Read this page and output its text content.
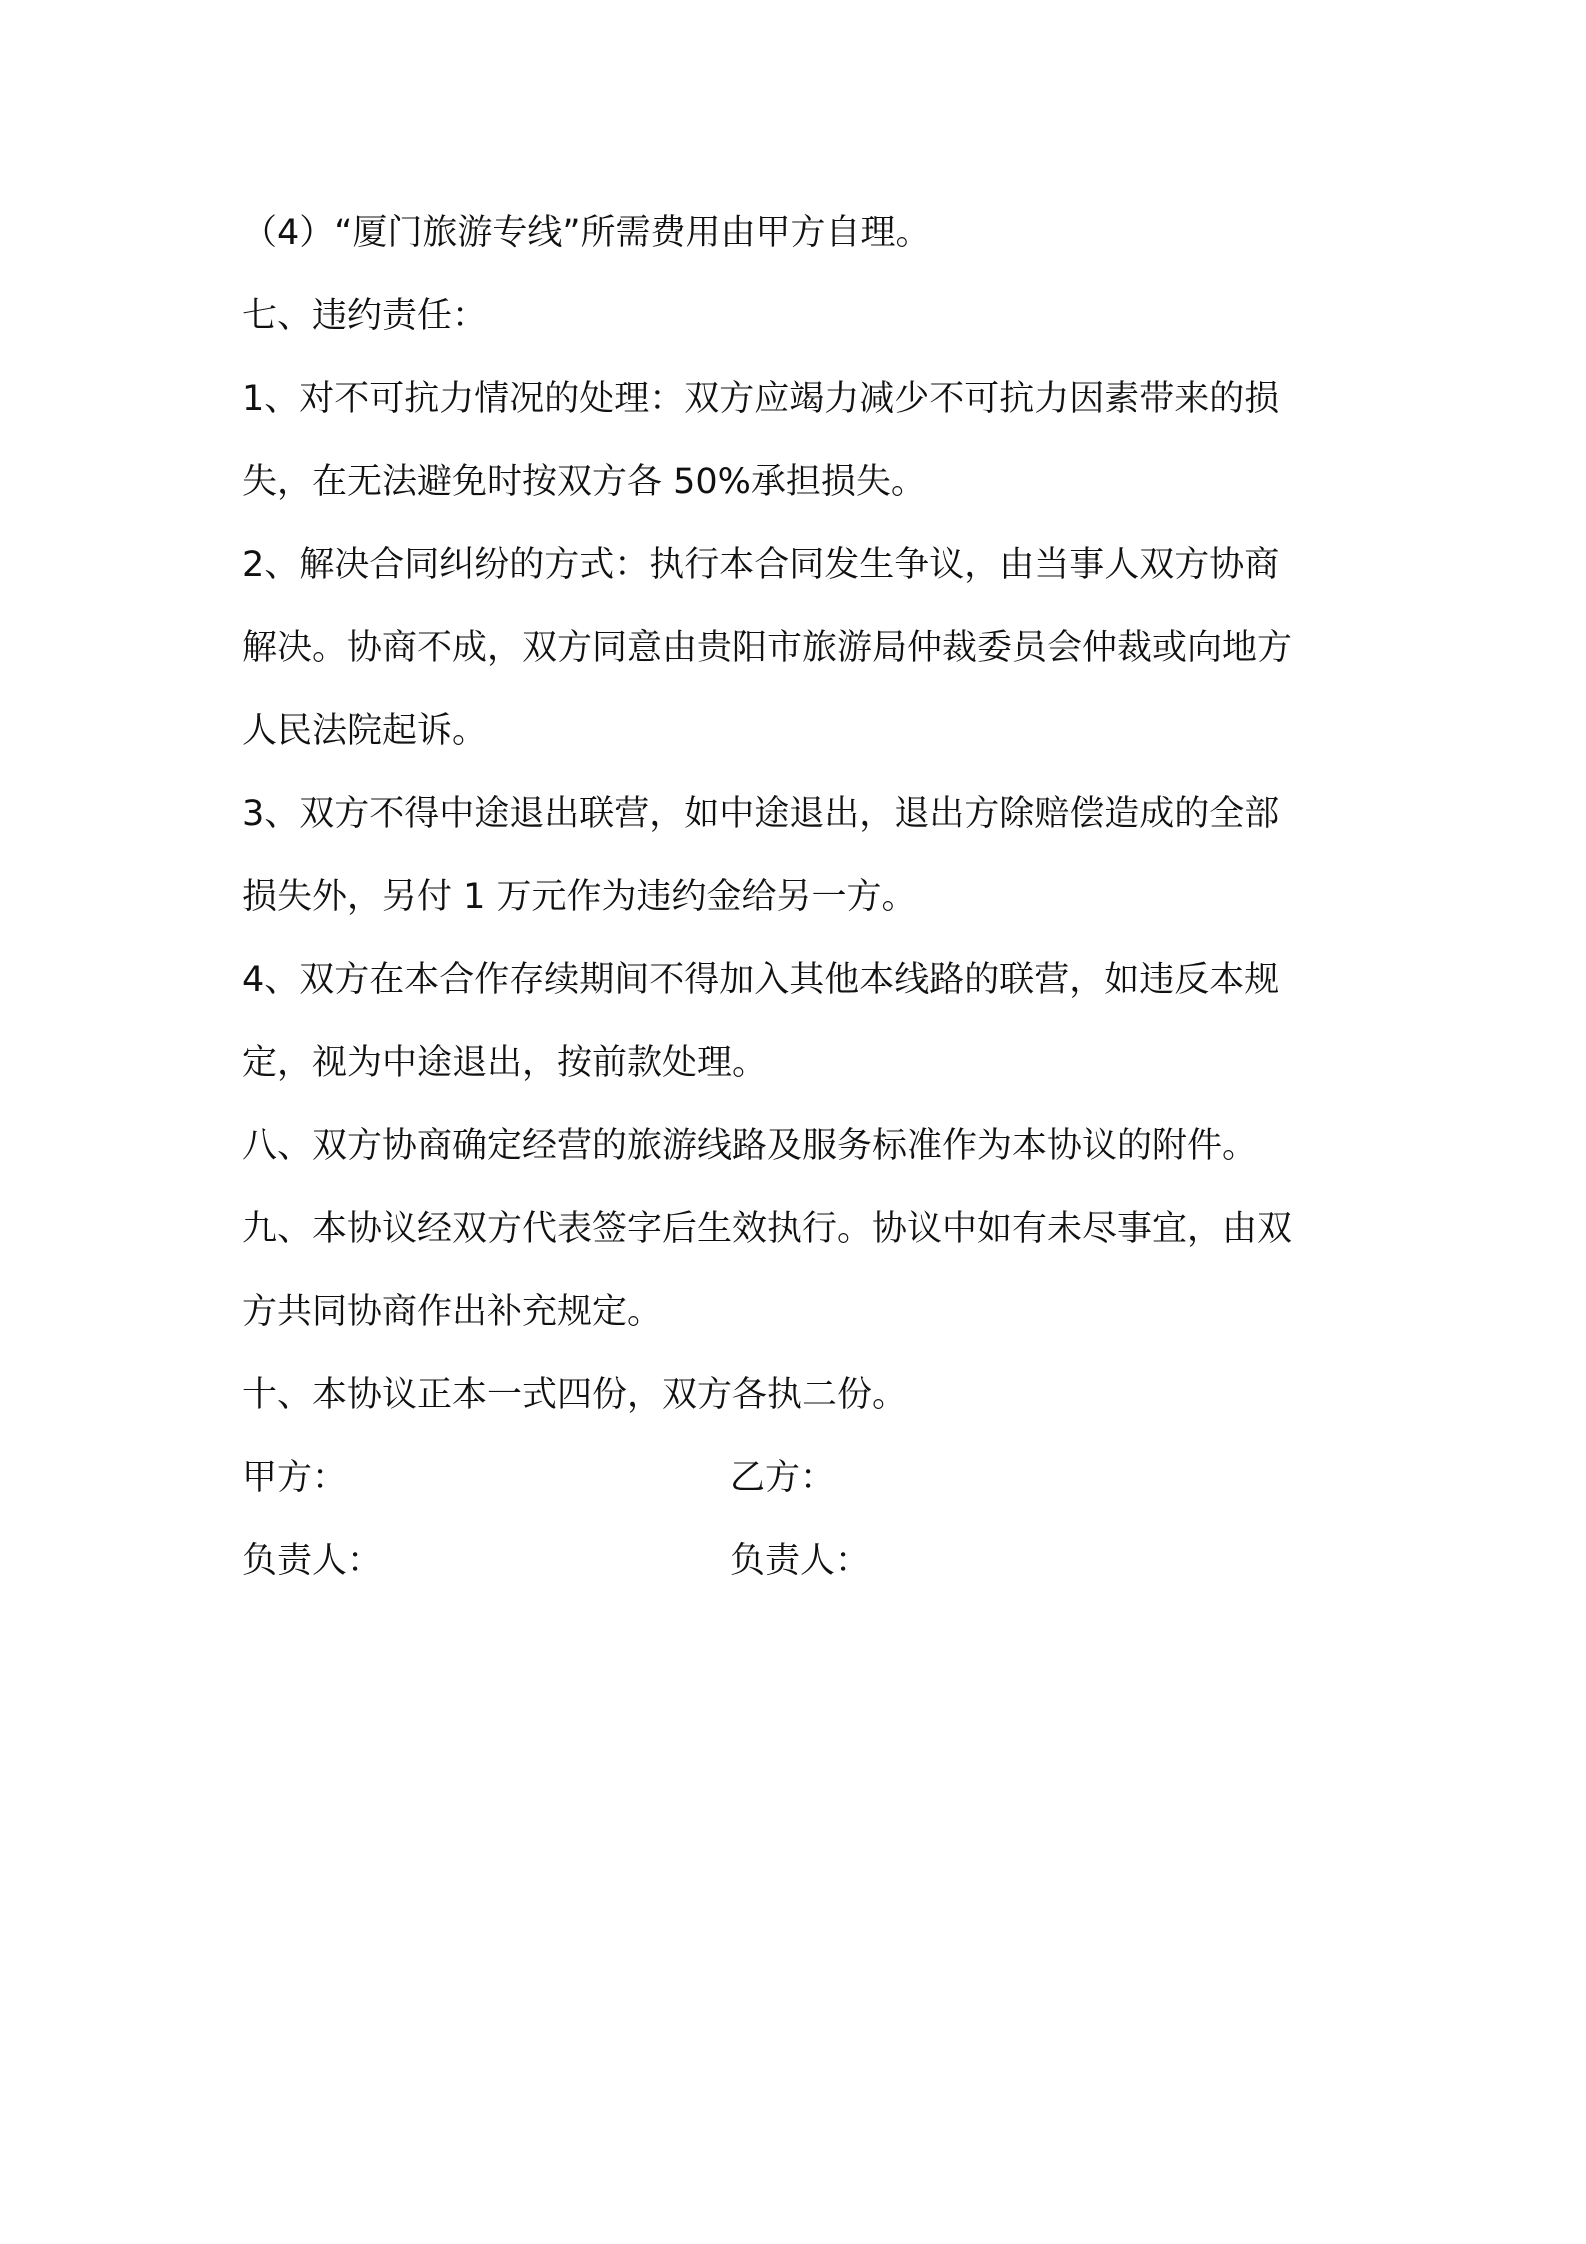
（4）“厦门旅游专线”所需费用由甲方自理。
七、违约责任：
1、对不可抗力情况的处理：双方应竭力减少不可抗力因素带来的损
失，在无法避免时按双方各 50%承担损失。
2、解决合同纠纷的方式：执行本合同发生争议，由当事人双方协商
解决。协商不成，双方同意由贵阳市旅游局仲裁委员会仲裁或向地方
人民法院起诉。
3、双方不得中途退出联营，如中途退出，退出方除赔偿造成的全部
损失外，另付 1 万元作为违约金给另一方。
4、双方在本合作存续期间不得加入其他本线路的联营，如违反本规
定，视为中途退出，按前款处理。
八、双方协商确定经营的旅游线路及服务标准作为本协议的附件。
九、本协议经双方代表签字后生效执行。协议中如有未尽事宜，由双
方共同协商作出补充规定。
十、本协议正本一式四份，双方各执二份。
甲方：	乙方：
负责人：	负责人：
